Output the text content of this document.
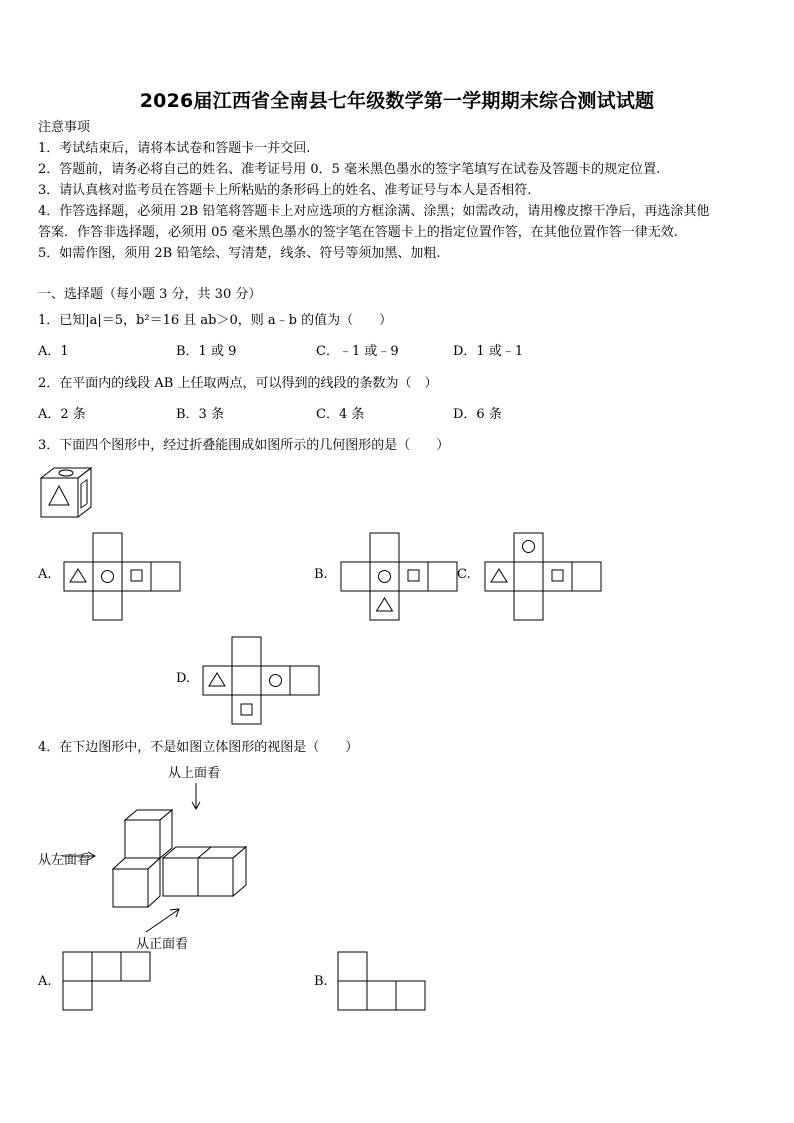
2026届江西省全南县七年级数学第一学期期末综合测试试题
注意事项
1．考试结束后，请将本试卷和答题卡一并交回.
2．答题前，请务必将自己的姓名、准考证号用 0．5 毫米黑色墨水的签字笔填写在试卷及答题卡的规定位置.
3．请认真核对监考员在答题卡上所粘贴的条形码上的姓名、准考证号与本人是否相符.
4．作答选择题，必须用 2B 铅笔将答题卡上对应选项的方框涂满、涂黑；如需改动，请用橡皮擦干净后，再选涂其他
答案．作答非选择题，必须用 05 毫米黑色墨水的签字笔在答题卡上的指定位置作答，在其他位置作答一律无效.
5．如需作图，须用 2B 铅笔绘、写清楚，线条、符号等须加黑、加粗.
一、选择题（每小题 3 分，共 30 分）
1．已知|a|＝5，b²＝16 且 ab＞0，则 a﹣b 的值为（　　）
A．1	B．1 或 9	C．﹣1 或﹣9	D．1 或﹣1
2．在平面内的线段 AB 上任取两点，可以得到的线段的条数为（　）
A．2 条	B．3 条	C．4 条	D．6 条
3．下面四个图形中，经过折叠能围成如图所示的几何图形的是（　　）
A.	B.	C.
D.
4．在下边图形中，不是如图立体图形的视图是（　　）
从上面看
从左面看
从正面看
A.	B.
